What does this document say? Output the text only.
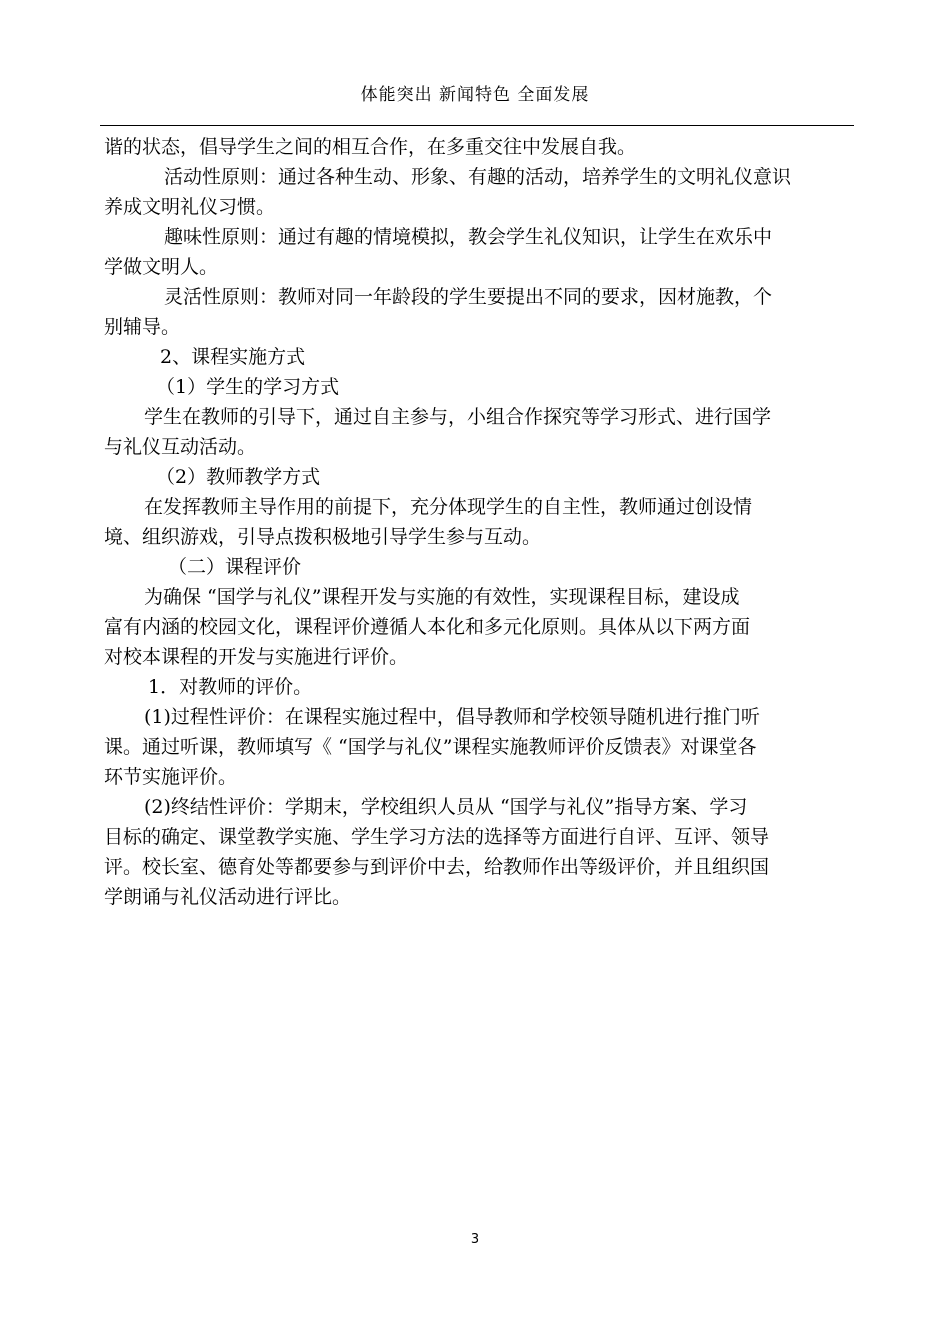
体能突出 新闻特色 全面发展
谐的状态，倡导学生之间的相互合作，在多重交往中发展自我。
活动性原则：通过各种生动、形象、有趣的活动，培养学生的文明礼仪意识
养成文明礼仪习惯。
趣味性原则：通过有趣的情境模拟，教会学生礼仪知识，让学生在欢乐中
学做文明人。
灵活性原则：教师对同一年龄段的学生要提出不同的要求，因材施教，个
别辅导。
2、课程实施方式
（1）学生的学习方式
学生在教师的引导下，通过自主参与，小组合作探究等学习形式、进行国学
与礼仪互动活动。
（2）教师教学方式
在发挥教师主导作用的前提下，充分体现学生的自主性，教师通过创设情
境、组织游戏，引导点拨积极地引导学生参与互动。
（二）课程评价
为确保 “国学与礼仪”课程开发与实施的有效性，实现课程目标，建设成
富有内涵的校园文化，课程评价遵循人本化和多元化原则。具体从以下两方面
对校本课程的开发与实施进行评价。
1．对教师的评价。
(1)过程性评价：在课程实施过程中，倡导教师和学校领导随机进行推门听
课。通过听课，教师填写《 “国学与礼仪”课程实施教师评价反馈表》对课堂各
环节实施评价。
(2)终结性评价：学期末，学校组织人员从 “国学与礼仪”指导方案、学习
目标的确定、课堂教学实施、学生学习方法的选择等方面进行自评、互评、领导
评。校长室、德育处等都要参与到评价中去，给教师作出等级评价，并且组织国
学朗诵与礼仪活动进行评比。
3
